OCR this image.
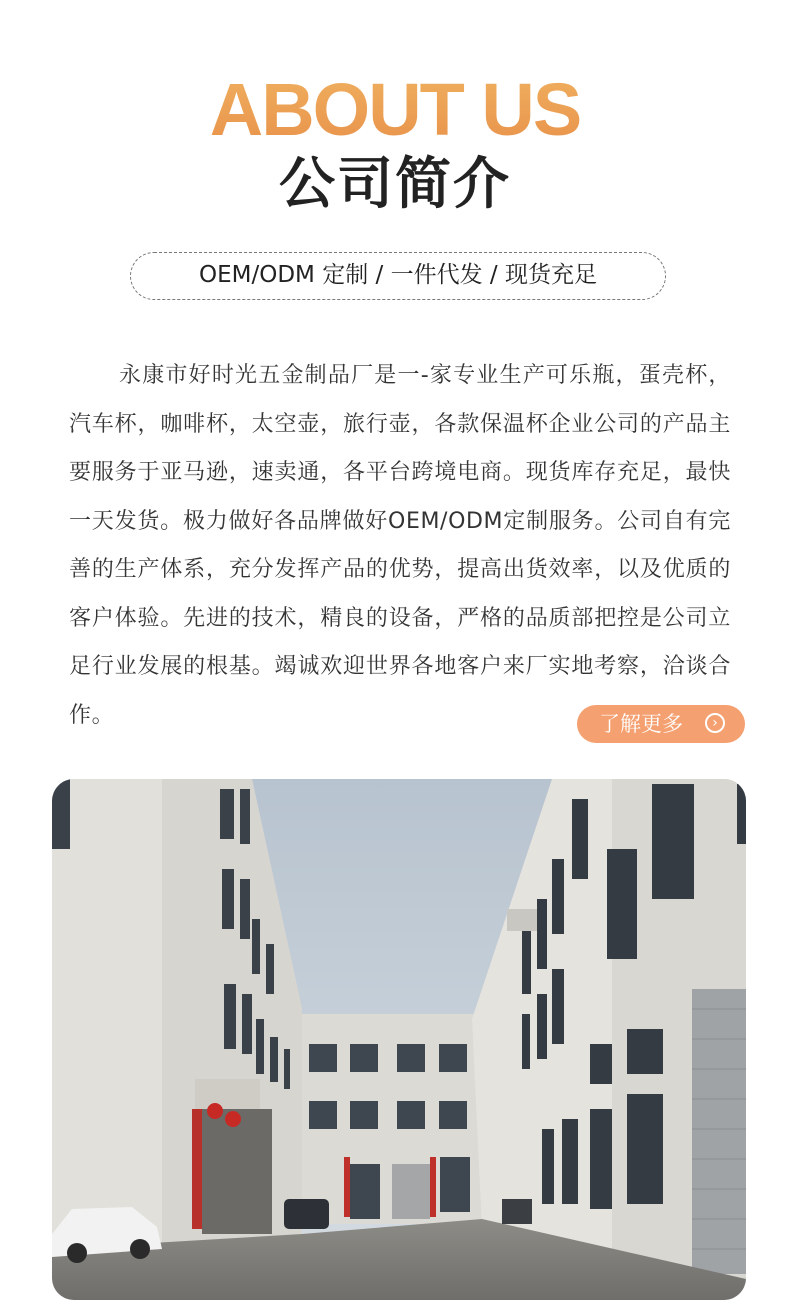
ABOUT US
公司简介
OEM/ODM 定制 / 一件代发 / 现货充足

永康市好时光五金制品厂是一-家专业生产可乐瓶，蛋壳杯，汽车杯，咖啡杯，太空壶，旅行壶，各款保温杯企业公司的产品主要服务于亚马逊，速卖通，各平台跨境电商。现货库存充足，最快一天发货。极力做好各品牌做好OEM/ODM定制服务。公司自有完善的生产体系，充分发挥产品的优势，提高出货效率，以及优质的客户体验。先进的技术，精良的设备，严格的品质部把控是公司立足行业发展的根基。竭诚欢迎世界各地客户来厂实地考察，洽谈合作。	了解更多	›
